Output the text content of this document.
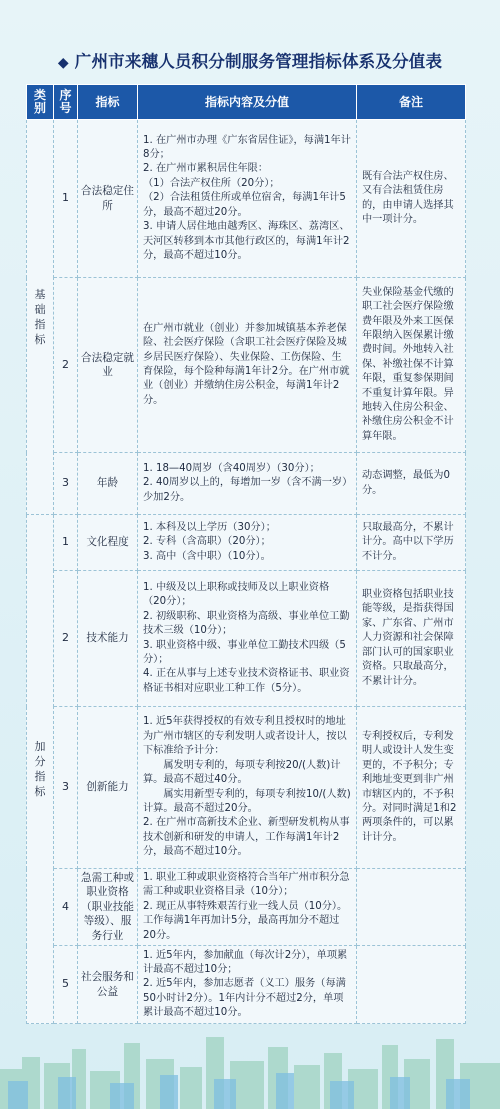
◆ 广州市来穗人员积分制服务管理指标体系及分值表
类别	序号	指标	指标内容及分值	备注
基础指标	1	合法稳定住所	1. 在广州市办理《广东省居住证》，每满1年计8分；
2. 在广州市累积居住年限：
（1）合法产权住所（20分）；
（2）合法租赁住所或单位宿舍，每满1年计5分，最高不超过20分。
3. 申请人居住地由越秀区、海珠区、荔湾区、天河区转移到本市其他行政区的，每满1年计2分，最高不超过10分。	既有合法产权住房、又有合法租赁住房的，由申请人选择其中一项计分。
	2	合法稳定就业	在广州市就业（创业）并参加城镇基本养老保险、社会医疗保险（含职工社会医疗保险及城乡居民医疗保险）、失业保险、工伤保险、生育保险，每个险种每满1年计2分。在广州市就业（创业）并缴纳住房公积金，每满1年计2分。	失业保险基金代缴的职工社会医疗保险缴费年限及外来工医保年限纳入医保累计缴费时间。外地转入社保、补缴社保不计算年限，重复参保期间不重复计算年限。异地转入住房公积金、补缴住房公积金不计算年限。
	3	年龄	1. 18—40周岁（含40周岁）（30分）；
2. 40周岁以上的，每增加一岁（含不满一岁）少加2分。	动态调整，最低为0分。
加分指标	1	文化程度	1. 本科及以上学历（30分）；
2. 专科（含高职）（20分）；
3. 高中（含中职）（10分）。	只取最高分，不累计计分。高中以下学历不计分。
	2	技术能力	1. 中级及以上职称或技师及以上职业资格（20分）；
2. 初级职称、职业资格为高级、事业单位工勤技术三级（10分）；
3. 职业资格中级、事业单位工勤技术四级（5分）；
4. 正在从事与上述专业技术资格证书、职业资格证书相对应职业工种工作（5分）。	职业资格包括职业技能等级，是指获得国家、广东省、广州市人力资源和社会保障部门认可的国家职业资格。只取最高分，不累计计分。
	3	创新能力	1. 近5年获得授权的有效专利且授权时的地址为广州市辖区的专利发明人或者设计人，按以下标准给予计分：
　　属发明专利的，每项专利按20/(人数)计算。最高不超过40分。
　　属实用新型专利的，每项专利按10/(人数)计算。最高不超过20分。
2. 在广州市高新技术企业、新型研发机构从事技术创新和研发的申请人，工作每满1年计2分，最高不超过10分。	专利授权后，专利发明人或设计人发生变更的，不予积分；专利地址变更到非广州市辖区内的，不予积分。对同时满足1和2两项条件的，可以累计计分。
	4	急需工种或职业资格（职业技能等级）、服务行业	1. 职业工种或职业资格符合当年广州市积分急需工种或职业资格目录（10分）；
2. 现正从事特殊艰苦行业一线人员（10分）。工作每满1年再加计5分，最高再加分不超过20分。	

	5	社会服务和公益	1. 近5年内，参加献血（每次计2分），单项累计最高不超过10分；
2. 近5年内，参加志愿者（义工）服务（每满50小时计2分）。1年内计分不超过2分，单项累计最高不超过10分。	
